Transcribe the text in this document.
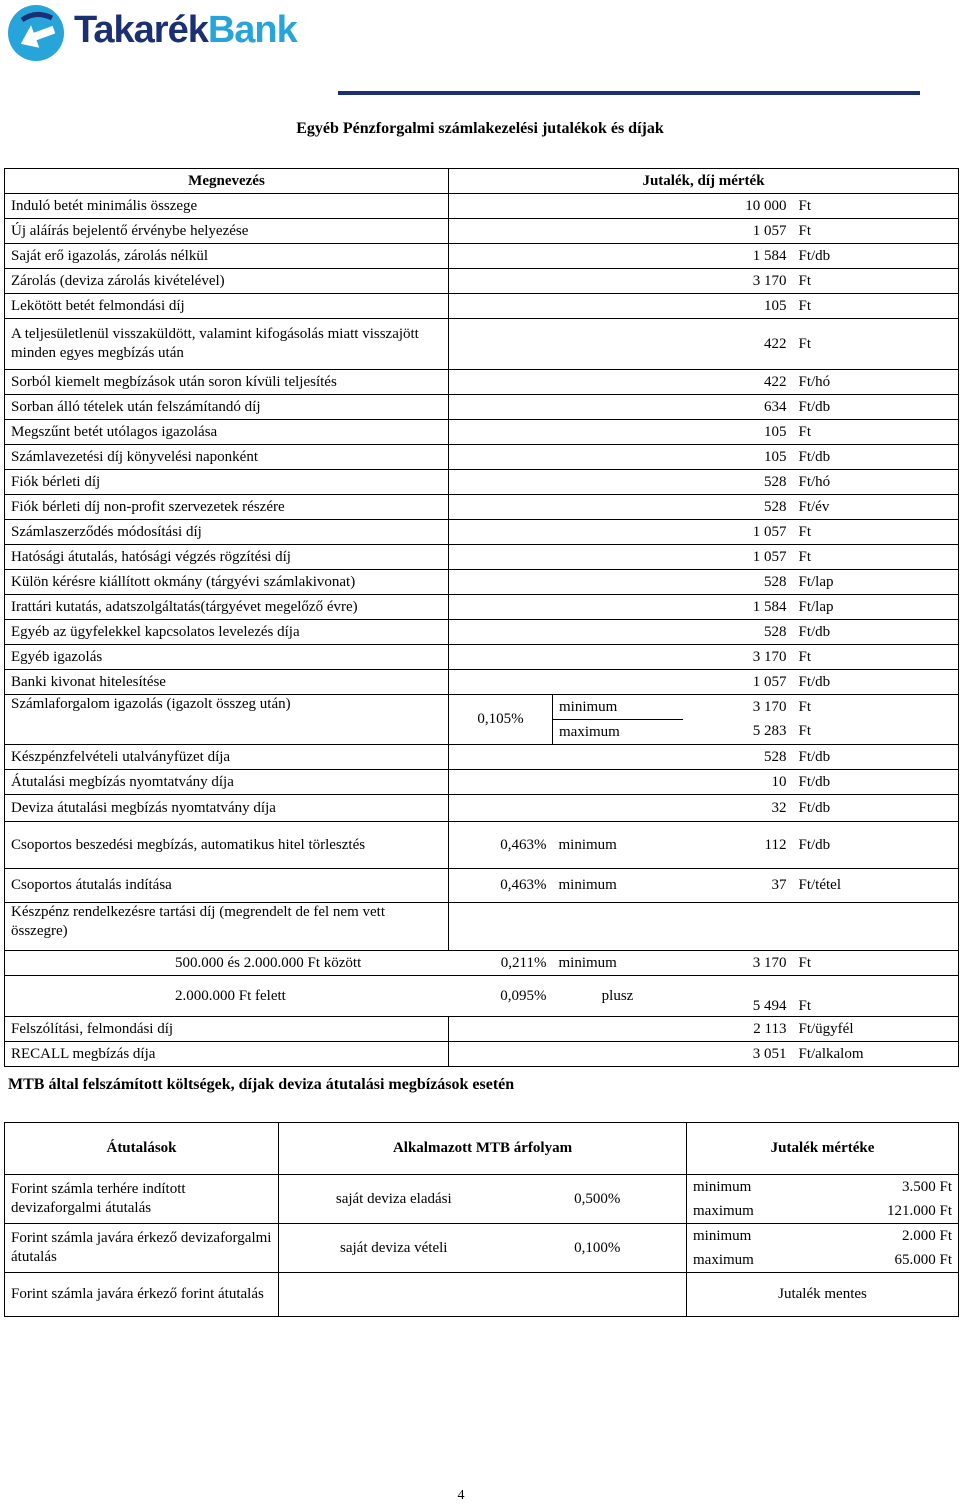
TakarékBank
Egyéb Pénzforgalmi számlakezelési jutalékok és díjak
Megnevezés	Jutalék, díj mérték			
Induló betét minimális összege			10 000	Ft
Új aláírás bejelentő érvénybe helyezése			1 057	Ft
Saját erő igazolás, zárolás nélkül			1 584	Ft/db
Zárolás (deviza zárolás kivételével)			3 170	Ft
Lekötött betét felmondási díj			105	Ft
A teljesületlenül visszaküldött, valamint kifogásolás miatt visszajött minden egyes megbízás után			422	Ft
Sorból kiemelt megbízások után soron kívüli teljesítés			422	Ft/hó
Sorban álló tételek után felszámítandó díj			634	Ft/db
Megszűnt betét utólagos igazolása			105	Ft
Számlavezetési díj könyvelési naponként			105	Ft/db
Fiók bérleti díj			528	Ft/hó
Fiók bérleti díj non-profit szervezetek részére			528	Ft/év
Számlaszerződés módosítási díj			1 057	Ft
Hatósági átutalás, hatósági végzés rögzítési díj			1 057	Ft
Külön kérésre kiállított okmány (tárgyévi számlakivonat)			528	Ft/lap
Irattári kutatás, adatszolgáltatás(tárgyévet megelőző évre)			1 584	Ft/lap
Egyéb az ügyfelekkel kapcsolatos levelezés díja			528	Ft/db
Egyéb igazolás			3 170	Ft
Banki kivonat hitelesítése			1 057	Ft/db
Számlaforgalom igazolás (igazolt összeg után)	0,105%	minimum	3 170	Ft
		maximum	5 283	Ft
Készpénzfelvételi utalványfüzet díja			528	Ft/db
Átutalási megbízás nyomtatvány díja			10	Ft/db
Deviza átutalási megbízás nyomtatvány díja			32	Ft/db
Csoportos beszedési megbízás, automatikus hitel törlesztés	0,463%	minimum	112	Ft/db
Csoportos átutalás indítása	0,463%	minimum	37	Ft/tétel
Készpénz rendelkezésre tartási díj (megrendelt de fel nem vett összegre)				
500.000 és 2.000.000 Ft között	0,211%	minimum	3 170	Ft
2.000.000 Ft felett	0,095%	plusz	5 494	Ft
Felszólítási, felmondási díj			2 113	Ft/ügyfél
RECALL megbízás díja			3 051	Ft/alkalom
MTB által felszámított költségek, díjak deviza átutalási megbízások esetén
Átutalások	Alkalmazott MTB árfolyam		Jutalék mértéke	
Forint számla terhére indított devizaforgalmi átutalás	saját deviza eladási	0,500%	minimum	3.500 Ft
			maximum	121.000 Ft
Forint számla javára érkező devizaforgalmi átutalás	saját deviza vételi	0,100%	minimum	2.000 Ft
			maximum	65.000 Ft
Forint számla javára érkező forint átutalás			Jutalék mentes	
4
